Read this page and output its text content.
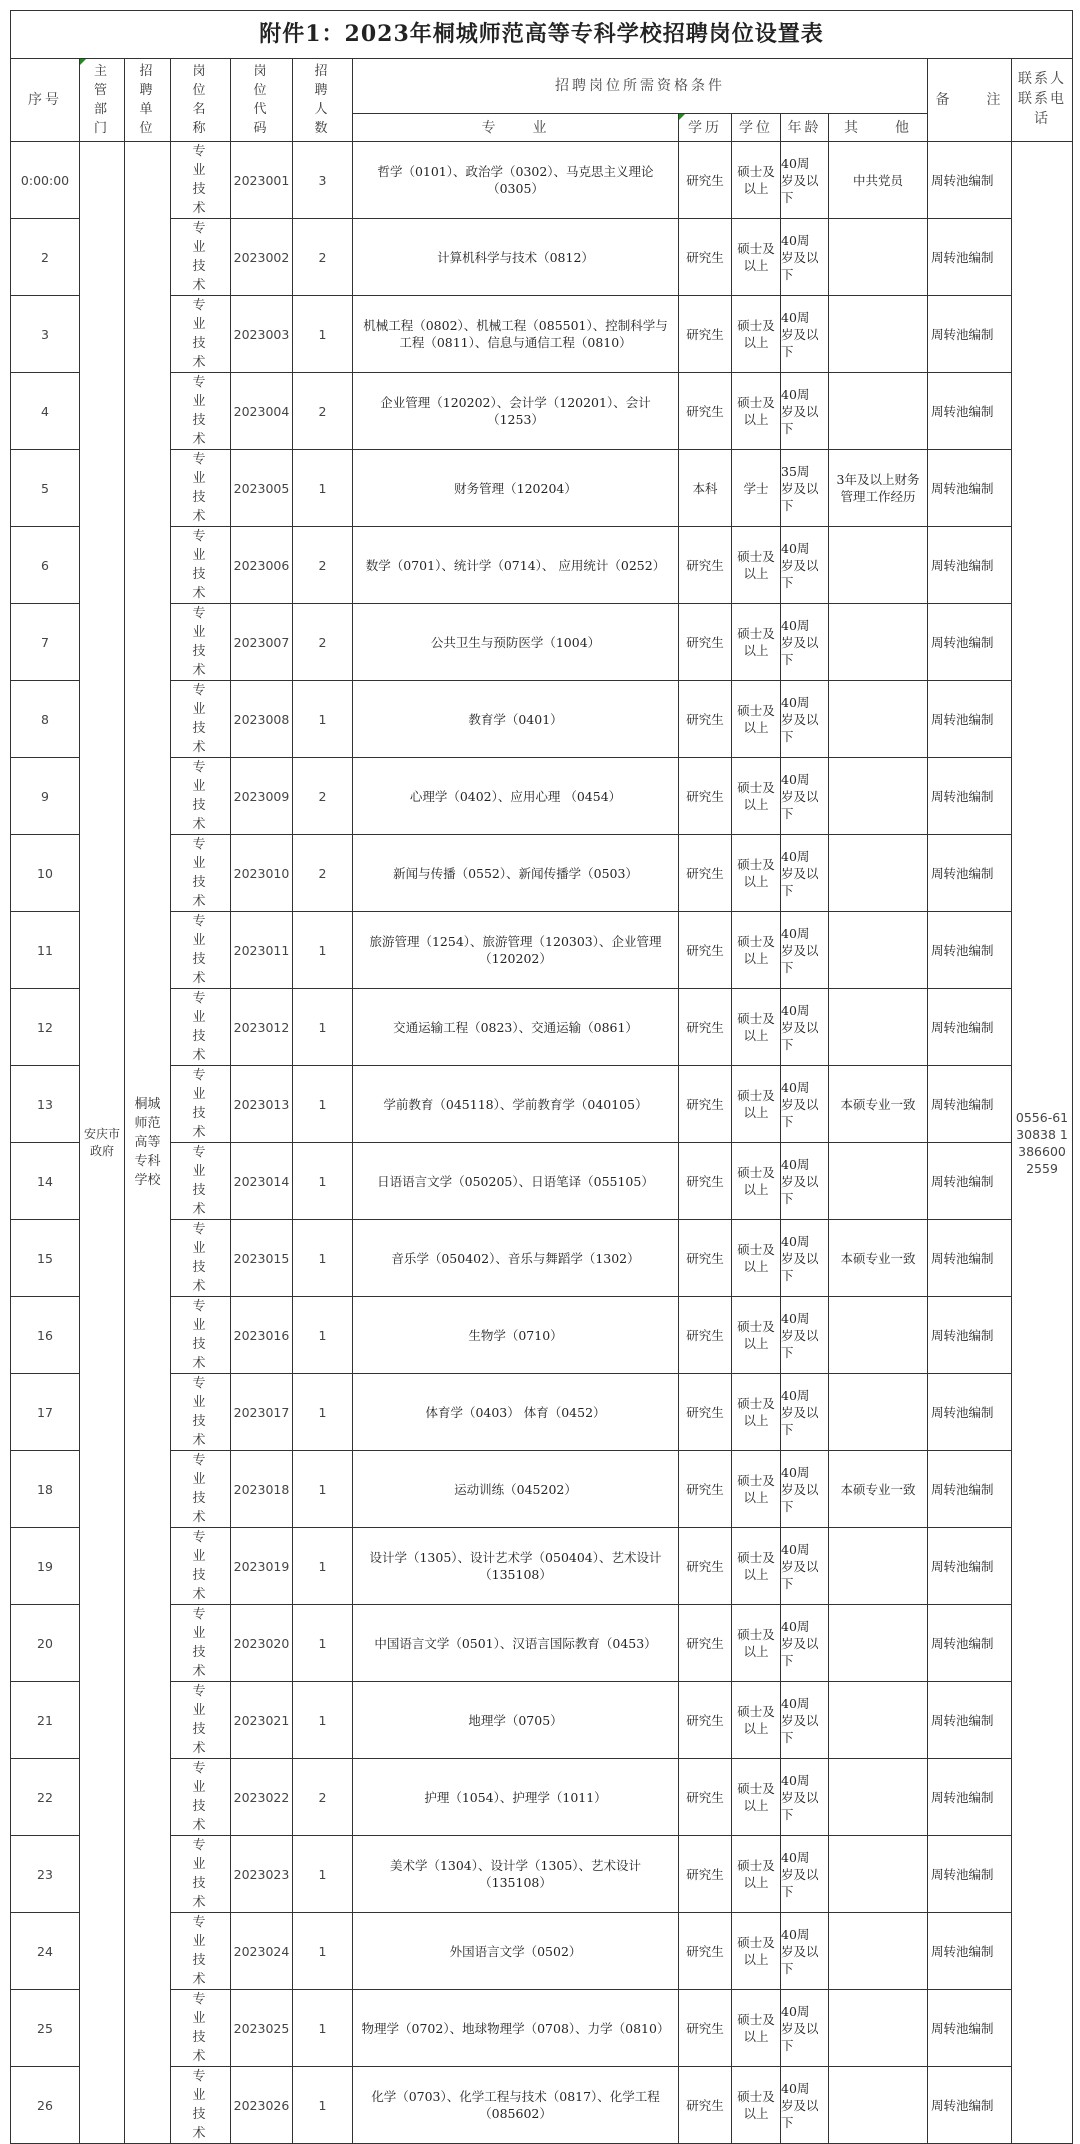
附件1：2023年桐城师范高等专科学校招聘岗位设置表												
序号	主管部门	招聘单位	岗位名称	岗位代码	招聘人数	招聘岗位所需资格条件					备　　注	联系人联系电话
						专　　业	学历	学位	年龄	其　　他		
0:00:00	安庆市政府	桐城师范高等专科学校	专业技术	2023001	3	哲学（0101）、政治学（0302）、马克思主义理论（0305）	研究生	硕士及以上	40周岁及以下	中共党员	周转池编制	0556-6130838 13866002559
2			专业技术	2023002	2	计算机科学与技术（0812）	研究生	硕士及以上	40周岁及以下		周转池编制	
3			专业技术	2023003	1	机械工程（0802）、机械工程（085501）、控制科学与工程（0811）、信息与通信工程（0810）	研究生	硕士及以上	40周岁及以下		周转池编制	
4			专业技术	2023004	2	企业管理（120202）、会计学（120201）、会计（1253）	研究生	硕士及以上	40周岁及以下		周转池编制	
5			专业技术	2023005	1	财务管理（120204）	本科	学士	35周岁及以下	3年及以上财务管理工作经历	周转池编制	
6			专业技术	2023006	2	数学（0701）、统计学（0714）、 应用统计（0252）	研究生	硕士及以上	40周岁及以下		周转池编制	
7			专业技术	2023007	2	公共卫生与预防医学（1004）	研究生	硕士及以上	40周岁及以下		周转池编制	
8			专业技术	2023008	1	教育学（0401）	研究生	硕士及以上	40周岁及以下		周转池编制	
9			专业技术	2023009	2	心理学（0402）、应用心理 （0454）	研究生	硕士及以上	40周岁及以下		周转池编制	
10			专业技术	2023010	2	新闻与传播（0552）、新闻传播学（0503）	研究生	硕士及以上	40周岁及以下		周转池编制	
11			专业技术	2023011	1	旅游管理（1254）、旅游管理（120303）、企业管理（120202）	研究生	硕士及以上	40周岁及以下		周转池编制	
12			专业技术	2023012	1	交通运输工程（0823）、交通运输（0861）	研究生	硕士及以上	40周岁及以下		周转池编制	
13			专业技术	2023013	1	学前教育（045118）、学前教育学（040105）	研究生	硕士及以上	40周岁及以下	本硕专业一致	周转池编制	
14			专业技术	2023014	1	日语语言文学（050205）、日语笔译（055105）	研究生	硕士及以上	40周岁及以下		周转池编制	
15			专业技术	2023015	1	音乐学（050402）、音乐与舞蹈学（1302）	研究生	硕士及以上	40周岁及以下	本硕专业一致	周转池编制	
16			专业技术	2023016	1	生物学（0710）	研究生	硕士及以上	40周岁及以下		周转池编制	
17			专业技术	2023017	1	体育学（0403） 体育（0452）	研究生	硕士及以上	40周岁及以下		周转池编制	
18			专业技术	2023018	1	运动训练（045202）	研究生	硕士及以上	40周岁及以下	本硕专业一致	周转池编制	
19			专业技术	2023019	1	设计学（1305）、设计艺术学（050404）、艺术设计（135108）	研究生	硕士及以上	40周岁及以下		周转池编制	
20			专业技术	2023020	1	中国语言文学（0501）、汉语言国际教育（0453）	研究生	硕士及以上	40周岁及以下		周转池编制	
21			专业技术	2023021	1	地理学（0705）	研究生	硕士及以上	40周岁及以下		周转池编制	
22			专业技术	2023022	2	护理（1054）、护理学（1011）	研究生	硕士及以上	40周岁及以下		周转池编制	
23			专业技术	2023023	1	美术学（1304）、设计学（1305）、艺术设计（135108）	研究生	硕士及以上	40周岁及以下		周转池编制	
24			专业技术	2023024	1	外国语言文学（0502）	研究生	硕士及以上	40周岁及以下		周转池编制	
25			专业技术	2023025	1	物理学（0702）、地球物理学（0708）、力学（0810）	研究生	硕士及以上	40周岁及以下		周转池编制	
26			专业技术	2023026	1	化学（0703）、化学工程与技术（0817）、化学工程（085602）	研究生	硕士及以上	40周岁及以下		周转池编制	
